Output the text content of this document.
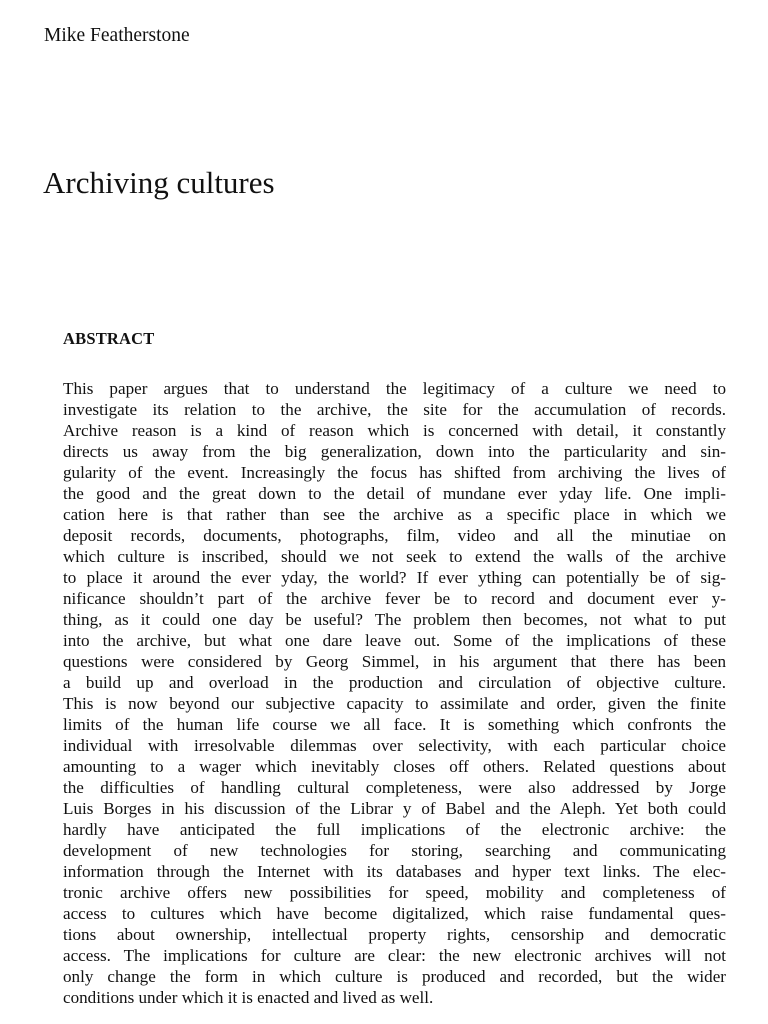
Mike Featherstone

Archiving cultures
ABSTRACT
This paper argues that to understand the legitimacy of a culture we need to
investigate its relation to the archive, the site for the accumulation of records.
Archive reason is a kind of reason which is concerned with detail, it constantly
directs us away from the big generalization, down into the particularity and sin-
gularity of the event. Increasingly the focus has shifted from archiving the lives of
the good and the great down to the detail of mundane ever yday life. One impli-
cation here is that rather than see the archive as a specific place in which we
deposit records, documents, photographs, film, video and all the minutiae on
which culture is inscribed, should we not seek to extend the walls of the archive
to place it around the ever yday, the world? If ever ything can potentially be of sig-
nificance shouldn’t part of the archive fever be to record and document ever y-
thing, as it could one day be useful? The problem then becomes, not what to put
into the archive, but what one dare leave out. Some of the implications of these
questions were considered by Georg Simmel, in his argument that there has been
a build up and overload in the production and circulation of objective culture.
This is now beyond our subjective capacity to assimilate and order, given the finite
limits of the human life course we all face. It is something which confronts the
individual with irresolvable dilemmas over selectivity, with each particular choice
amounting to a wager which inevitably closes off others. Related questions about
the difficulties of handling cultural completeness, were also addressed by Jorge
Luis Borges in his discussion of the Librar y of Babel and the Aleph. Yet both could
hardly have anticipated the full implications of the electronic archive: the
development of new technologies for storing, searching and communicating
information through the Internet with its databases and hyper text links. The elec-
tronic archive offers new possibilities for speed, mobility and completeness of
access to cultures which have become digitalized, which raise fundamental ques-
tions about ownership, intellectual property rights, censorship and democratic
access. The implications for culture are clear: the new electronic archives will not
only change the form in which culture is produced and recorded, but the wider
conditions under which it is enacted and lived as well.
